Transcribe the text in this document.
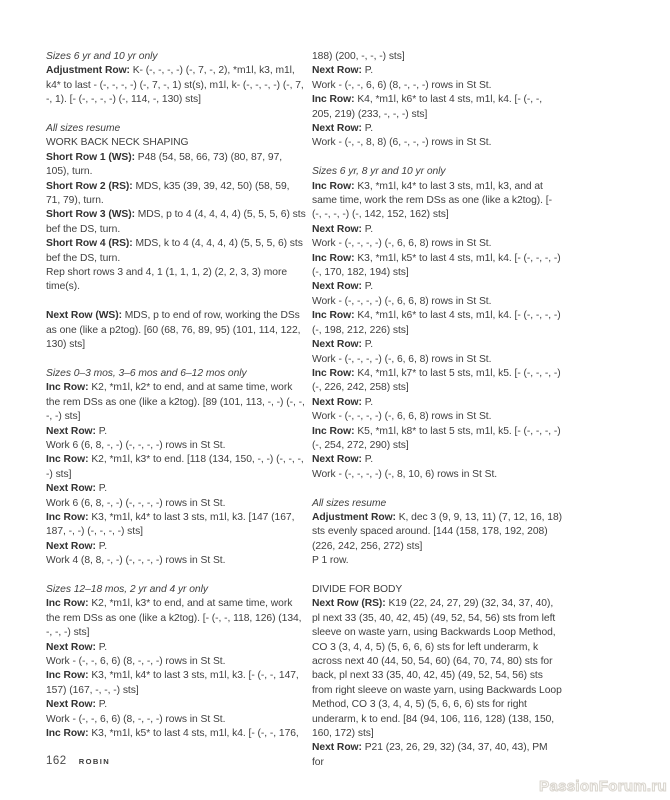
Sizes 6 yr and 10 yr only

Adjustment Row: K- (-, -, -, -) (-, 7, -, 2), *m1l, k3, m1l, k4* to last - (-, -, -, -) (-, 7, -, 1) st(s), m1l, k- (-, -, -, -) (-, 7, -, 1). [- (-, -, -, -) (-, 114, -, 130) sts]

All sizes resume

WORK BACK NECK SHAPING

Short Row 1 (WS): P48 (54, 58, 66, 73) (80, 87, 97, 105), turn.

Short Row 2 (RS): MDS, k35 (39, 39, 42, 50) (58, 59, 71, 79), turn.

Short Row 3 (WS): MDS, p to 4 (4, 4, 4, 4) (5, 5, 5, 6) sts bef the DS, turn.

Short Row 4 (RS): MDS, k to 4 (4, 4, 4, 4) (5, 5, 5, 6) sts bef the DS, turn.

Rep short rows 3 and 4, 1 (1, 1, 1, 2) (2, 2, 3, 3) more time(s).

Next Row (WS): MDS, p to end of row, working the DSs as one (like a p2tog). [60 (68, 76, 89, 95) (101, 114, 122, 130) sts]

Sizes 0–3 mos, 3–6 mos and 6–12 mos only

Inc Row: K2, *m1l, k2* to end, and at same time, work the rem DSs as one (like a k2tog). [89 (101, 113, -, -) (-, -, -, -) sts]

Next Row: P.

Work 6 (6, 8, -, -) (-, -, -, -) rows in St St.

Inc Row: K2, *m1l, k3* to end. [118 (134, 150, -, -) (-, -, -, -) sts]

Next Row: P.

Work 6 (6, 8, -, -) (-, -, -, -) rows in St St.

Inc Row: K3, *m1l, k4* to last 3 sts, m1l, k3. [147 (167, 187, -, -) (-, -, -, -) sts]

Next Row: P.

Work 4 (8, 8, -, -) (-, -, -, -) rows in St St.

Sizes 12–18 mos, 2 yr and 4 yr only

Inc Row: K2, *m1l, k3* to end, and at same time, work the rem DSs as one (like a k2tog). [- (-, -, 118, 126) (134, -, -, -) sts]

Next Row: P.

Work - (-, -, 6, 6) (8, -, -, -) rows in St St.

Inc Row: K3, *m1l, k4* to last 3 sts, m1l, k3. [- (-, -, 147, 157) (167, -, -, -) sts]

Next Row: P.

Work - (-, -, 6, 6) (8, -, -, -) rows in St St.

Inc Row: K3, *m1l, k5* to last 4 sts, m1l, k4. [- (-, -, 176,

188) (200, -, -, -) sts]

Next Row: P.

Work - (-, -, 6, 6) (8, -, -, -) rows in St St.

Inc Row: K4, *m1l, k6* to last 4 sts, m1l, k4. [- (-, -, 205, 219) (233, -, -, -) sts]

Next Row: P.

Work - (-, -, 8, 8) (6, -, -, -) rows in St St.

Sizes 6 yr, 8 yr and 10 yr only

Inc Row: K3, *m1l, k4* to last 3 sts, m1l, k3, and at same time, work the rem DSs as one (like a k2tog). [- (-, -, -, -) (-, 142, 152, 162) sts]

Next Row: P.

Work - (-, -, -, -) (-, 6, 6, 8) rows in St St.

Inc Row: K3, *m1l, k5* to last 4 sts, m1l, k4. [- (-, -, -, -) (-, 170, 182, 194) sts]

Next Row: P.

Work - (-, -, -, -) (-, 6, 6, 8) rows in St St.

Inc Row: K4, *m1l, k6* to last 4 sts, m1l, k4. [- (-, -, -, -) (-, 198, 212, 226) sts]

Next Row: P.

Work - (-, -, -, -) (-, 6, 6, 8) rows in St St.

Inc Row: K4, *m1l, k7* to last 5 sts, m1l, k5. [- (-, -, -, -) (-, 226, 242, 258) sts]

Next Row: P.

Work - (-, -, -, -) (-, 6, 6, 8) rows in St St.

Inc Row: K5, *m1l, k8* to last 5 sts, m1l, k5. [- (-, -, -, -) (-, 254, 272, 290) sts]

Next Row: P.

Work - (-, -, -, -) (-, 8, 10, 6) rows in St St.

All sizes resume

Adjustment Row: K, dec 3 (9, 9, 13, 11) (7, 12, 16, 18) sts evenly spaced around. [144 (158, 178, 192, 208) (226, 242, 256, 272) sts]

P 1 row.

DIVIDE FOR BODY

Next Row (RS): K19 (22, 24, 27, 29) (32, 34, 37, 40), pl next 33 (35, 40, 42, 45) (49, 52, 54, 56) sts from left sleeve on waste yarn, using Backwards Loop Method, CO 3 (3, 4, 4, 5) (5, 6, 6, 6) sts for left underarm, k across next 40 (44, 50, 54, 60) (64, 70, 74, 80) sts for back, pl next 33 (35, 40, 42, 45) (49, 52, 54, 56) sts from right sleeve on waste yarn, using Backwards Loop Method, CO 3 (3, 4, 4, 5) (5, 6, 6, 6) sts for right underarm, k to end. [84 (94, 106, 116, 128) (138, 150, 160, 172) sts]

Next Row: P21 (23, 26, 29, 32) (34, 37, 40, 43), PM for

162 ROBIN
PassionForum.ru
